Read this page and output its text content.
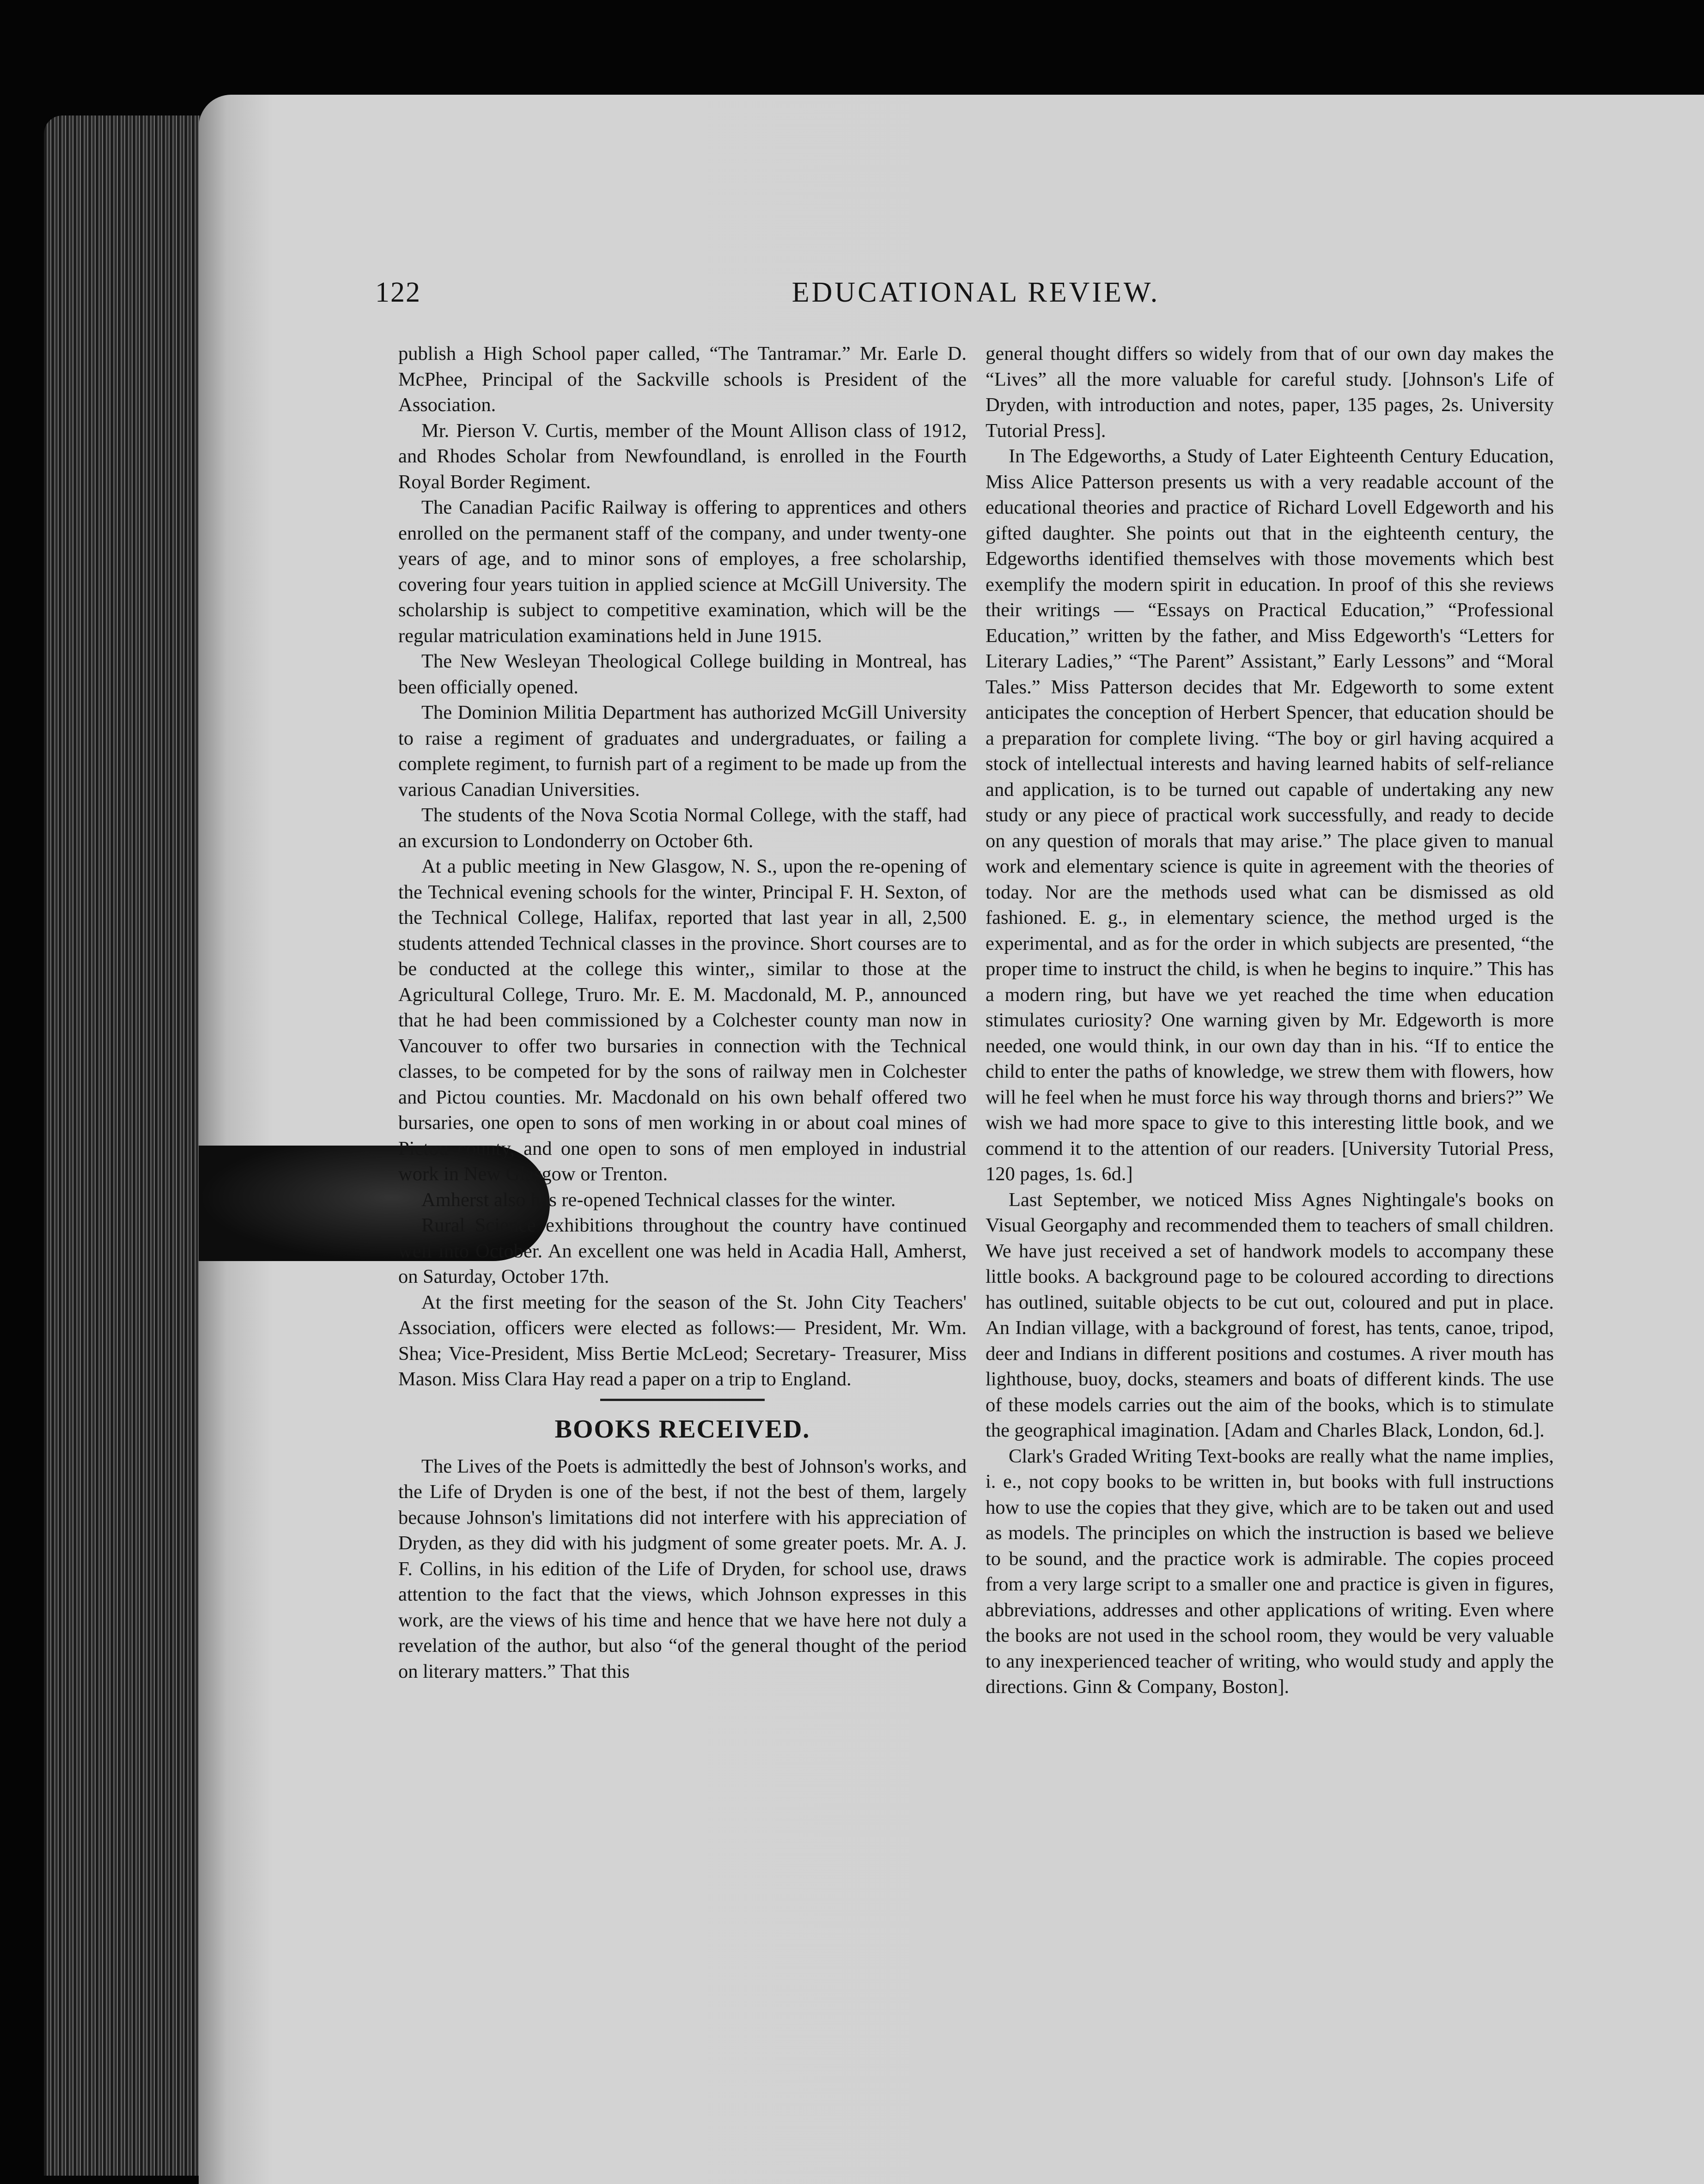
122	EDUCATIONAL REVIEW.

publish a High School paper called, “The Tantramar.” Mr. Earle D. McPhee, Principal of the Sackville schools is President of the Association.

Mr. Pierson V. Curtis, member of the Mount Allison class of 1912, and Rhodes Scholar from Newfoundland, is enrolled in the Fourth Royal Border Regiment.

The Canadian Pacific Railway is offering to apprentices and others enrolled on the permanent staff of the company, and under twenty-one years of age, and to minor sons of employes, a free scholarship, covering four years tuition in applied science at McGill University. The scholarship is subject to competitive examination, which will be the regular matriculation examinations held in June 1915.

The New Wesleyan Theological College building in Montreal, has been officially opened.

The Dominion Militia Department has authorized McGill University to raise a regiment of graduates and undergraduates, or failing a complete regiment, to furnish part of a regiment to be made up from the various Canadian Universities.

The students of the Nova Scotia Normal College, with the staff, had an excursion to Londonderry on October 6th.

At a public meeting in New Glasgow, N. S., upon the re-opening of the Technical evening schools for the winter, Principal F. H. Sexton, of the Technical College, Halifax, reported that last year in all, 2,500 students attended Technical classes in the province. Short courses are to be conducted at the college this winter,, similar to those at the Agricultural College, Truro. Mr. E. M. Macdonald, M. P., announced that he had been commissioned by a Colchester county man now in Vancouver to offer two bursaries in connection with the Technical classes, to be competed for by the sons of railway men in Colchester and Pictou counties. Mr. Macdonald on his own behalf offered two bursaries, one open to sons of men working in or about coal mines of Pictou county, and one open to sons of men employed in industrial work in New Glasgow or Trenton.

Amherst also has re-opened Technical classes for the winter.

Rural Science exhibitions throughout the country have continued well into October. An excellent one was held in Acadia Hall, Amherst, on Saturday, October 17th.

At the first meeting for the season of the St. John City Teachers' Association, officers were elected as follows:— President, Mr. Wm. Shea; Vice-President, Miss Bertie McLeod; Secretary- Treasurer, Miss Mason. Miss Clara Hay read a paper on a trip to England.

BOOKS RECEIVED.

The Lives of the Poets is admittedly the best of Johnson's works, and the Life of Dryden is one of the best, if not the best of them, largely because Johnson's limitations did not interfere with his appreciation of Dryden, as they did with his judgment of some greater poets. Mr. A. J. F. Collins, in his edition of the Life of Dryden, for school use, draws attention to the fact that the views, which Johnson expresses in this work, are the views of his time and hence that we have here not duly a revelation of the author, but also “of the general thought of the period on literary matters.” That this

general thought differs so widely from that of our own day makes the “Lives” all the more valuable for careful study. [Johnson's Life of Dryden, with introduction and notes, paper, 135 pages, 2s. University Tutorial Press].

In The Edgeworths, a Study of Later Eighteenth Century Education, Miss Alice Patterson presents us with a very readable account of the educational theories and practice of Richard Lovell Edgeworth and his gifted daughter. She points out that in the eighteenth century, the Edgeworths identified themselves with those movements which best exemplify the modern spirit in education. In proof of this she reviews their writings — “Essays on Practical Education,” “Professional Education,” written by the father, and Miss Edgeworth's “Letters for Literary Ladies,” “The Parent” Assistant,” Early Lessons” and “Moral Tales.” Miss Patterson decides that Mr. Edgeworth to some extent anticipates the conception of Herbert Spencer, that education should be a preparation for complete living. “The boy or girl having acquired a stock of intellectual interests and having learned habits of self-reliance and application, is to be turned out capable of undertaking any new study or any piece of practical work successfully, and ready to decide on any question of morals that may arise.” The place given to manual work and elementary science is quite in agreement with the theories of today. Nor are the methods used what can be dismissed as old fashioned. E. g., in elementary science, the method urged is the experimental, and as for the order in which subjects are presented, “the proper time to instruct the child, is when he begins to inquire.” This has a modern ring, but have we yet reached the time when education stimulates curiosity? One warning given by Mr. Edgeworth is more needed, one would think, in our own day than in his. “If to entice the child to enter the paths of knowledge, we strew them with flowers, how will he feel when he must force his way through thorns and briers?” We wish we had more space to give to this interesting little book, and we commend it to the attention of our readers. [University Tutorial Press, 120 pages, 1s. 6d.]

Last September, we noticed Miss Agnes Nightingale's books on Visual Georgaphy and recommended them to teachers of small children. We have just received a set of handwork models to accompany these little books. A background page to be coloured according to directions has outlined, suitable objects to be cut out, coloured and put in place. An Indian village, with a background of forest, has tents, canoe, tripod, deer and Indians in different positions and costumes. A river mouth has lighthouse, buoy, docks, steamers and boats of different kinds. The use of these models carries out the aim of the books, which is to stimulate the geographical imagination. [Adam and Charles Black, London, 6d.].

Clark's Graded Writing Text-books are really what the name implies, i. e., not copy books to be written in, but books with full instructions how to use the copies that they give, which are to be taken out and used as models. The principles on which the instruction is based we believe to be sound, and the practice work is admirable. The copies proceed from a very large script to a smaller one and practice is given in figures, abbreviations, addresses and other applications of writing. Even where the books are not used in the school room, they would be very valuable to any inexperienced teacher of writing, who would study and apply the directions. Ginn & Company, Boston].
